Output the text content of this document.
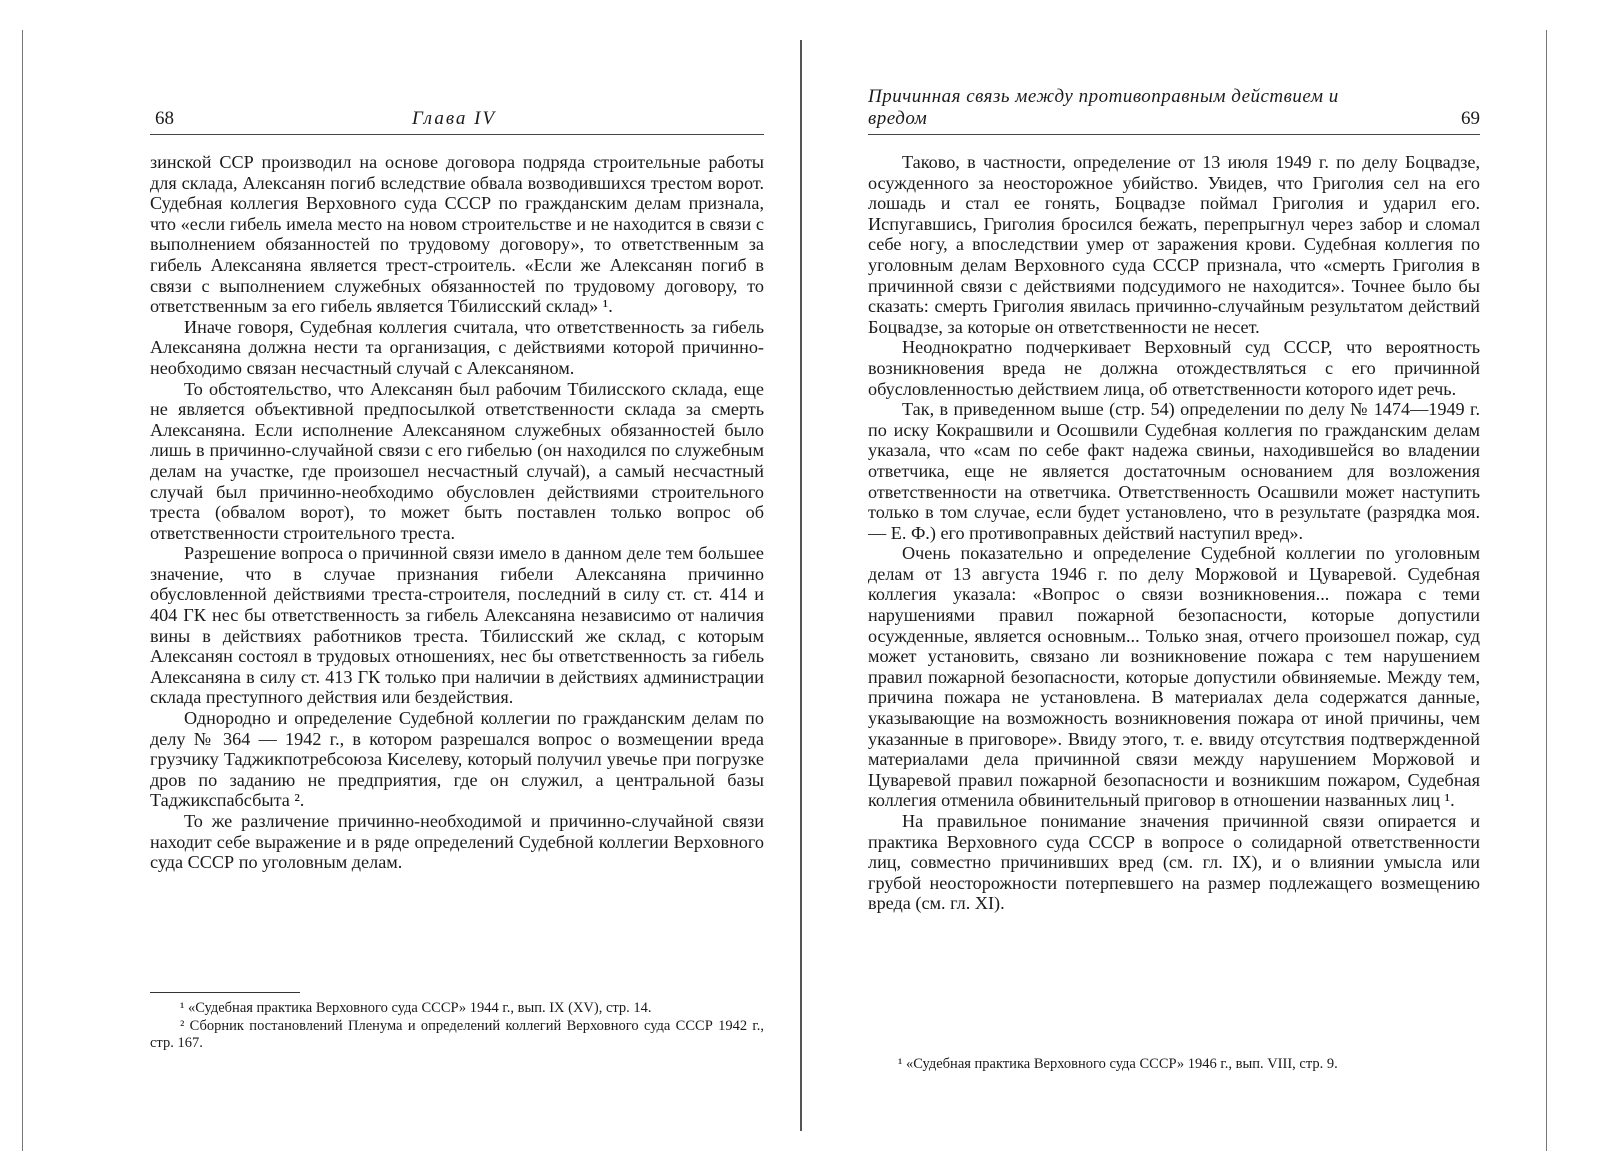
68	Глава IV

зинской ССР производил на основе договора подряда строительные работы для склада, Алексанян погиб вследствие обвала возводившихся трестом ворот. Судебная коллегия Верховного суда СССР по гражданским делам признала, что «если гибель имела место на новом строительстве и не находится в связи с выполнением обязанностей по трудовому договору», то ответственным за гибель Алексаняна является трест-строитель. «Если же Алексанян погиб в связи с выполнением служебных обязанностей по трудовому договору, то ответственным за его гибель является Тбилисский склад» ¹.

Иначе говоря, Судебная коллегия считала, что ответственность за гибель Алексаняна должна нести та организация, с действиями которой причинно-необходимо связан несчастный случай с Алексаняном.

То обстоятельство, что Алексанян был рабочим Тбилисского склада, еще не является объективной предпосылкой ответственности склада за смерть Алексаняна. Если исполнение Алексаняном служебных обязанностей было лишь в причинно-случайной связи с его гибелью (он находился по служебным делам на участке, где произошел несчастный случай), а самый несчастный случай был причинно-необходимо обусловлен действиями строительного треста (обвалом ворот), то может быть поставлен только вопрос об ответственности строительного треста.

Разрешение вопроса о причинной связи имело в данном деле тем большее значение, что в случае признания гибели Алексаняна причинно обусловленной действиями треста-строителя, последний в силу ст. ст. 414 и 404 ГК нес бы ответственность за гибель Алексаняна независимо от наличия вины в действиях работников треста. Тбилисский же склад, с которым Алексанян состоял в трудовых отношениях, нес бы ответственность за гибель Алексаняна в силу ст. 413 ГК только при наличии в действиях администрации склада преступного действия или бездействия.

Однородно и определение Судебной коллегии по гражданским делам по делу № 364 — 1942 г., в котором разрешался вопрос о возмещении вреда грузчику Таджикпотребсоюза Киселеву, который получил увечье при погрузке дров по заданию не предприятия, где он служил, а центральной базы Таджикспабсбыта ².

То же различение причинно-необходимой и причинно-случайной связи находит себе выражение и в ряде определений Судебной коллегии Верховного суда СССР по уголовным делам.

¹ «Судебная практика Верховного суда СССР» 1944 г., вып. IX (XV), стр. 14.

² Сборник постановлений Пленума и определений коллегий Верховного суда СССР 1942 г., стр. 167.

Причинная связь между противоправным действием и вредом	69

Таково, в частности, определение от 13 июля 1949 г. по делу Боцвадзе, осужденного за неосторожное убийство. Увидев, что Григолия сел на его лошадь и стал ее гонять, Боцвадзе поймал Григолия и ударил его. Испугавшись, Григолия бросился бежать, перепрыгнул через забор и сломал себе ногу, а впоследствии умер от заражения крови. Судебная коллегия по уголовным делам Верховного суда СССР признала, что «смерть Григолия в причинной связи с действиями подсудимого не находится». Точнее было бы сказать: смерть Григолия явилась причинно-случайным результатом действий Боцвадзе, за которые он ответственности не несет.

Неоднократно подчеркивает Верховный суд СССР, что вероятность возникновения вреда не должна отождествляться с его причинной обусловленностью действием лица, об ответственности которого идет речь.

Так, в приведенном выше (стр. 54) определении по делу № 1474—1949 г. по иску Кокрашвили и Осошвили Судебная коллегия по гражданским делам указала, что «сам по себе факт надежа свиньи, находившейся во владении ответчика, еще не является достаточным основанием для возложения ответственности на ответчика. Ответственность Осашвили может наступить только в том случае, если будет установлено, что в результате (разрядка моя. — Е. Ф.) его противоправных действий наступил вред».

Очень показательно и определение Судебной коллегии по уголовным делам от 13 августа 1946 г. по делу Моржовой и Цуваревой. Судебная коллегия указала: «Вопрос о связи возникновения... пожара с теми нарушениями правил пожарной безопасности, которые допустили осужденные, является основным... Только зная, отчего произошел пожар, суд может установить, связано ли возникновение пожара с тем нарушением правил пожарной безопасности, которые допустили обвиняемые. Между тем, причина пожара не установлена. В материалах дела содержатся данные, указывающие на возможность возникновения пожара от иной причины, чем указанные в приговоре». Ввиду этого, т. е. ввиду отсутствия подтвержденной материалами дела причинной связи между нарушением Моржовой и Цуваревой правил пожарной безопасности и возникшим пожаром, Судебная коллегия отменила обвинительный приговор в отношении названных лиц ¹.

На правильное понимание значения причинной связи опирается и практика Верховного суда СССР в вопросе о солидарной ответственности лиц, совместно причинивших вред (см. гл. IX), и о влиянии умысла или грубой неосторожности потерпевшего на размер подлежащего возмещению вреда (см. гл. XI).

¹ «Судебная практика Верховного суда СССР» 1946 г., вып. VIII, стр. 9.
